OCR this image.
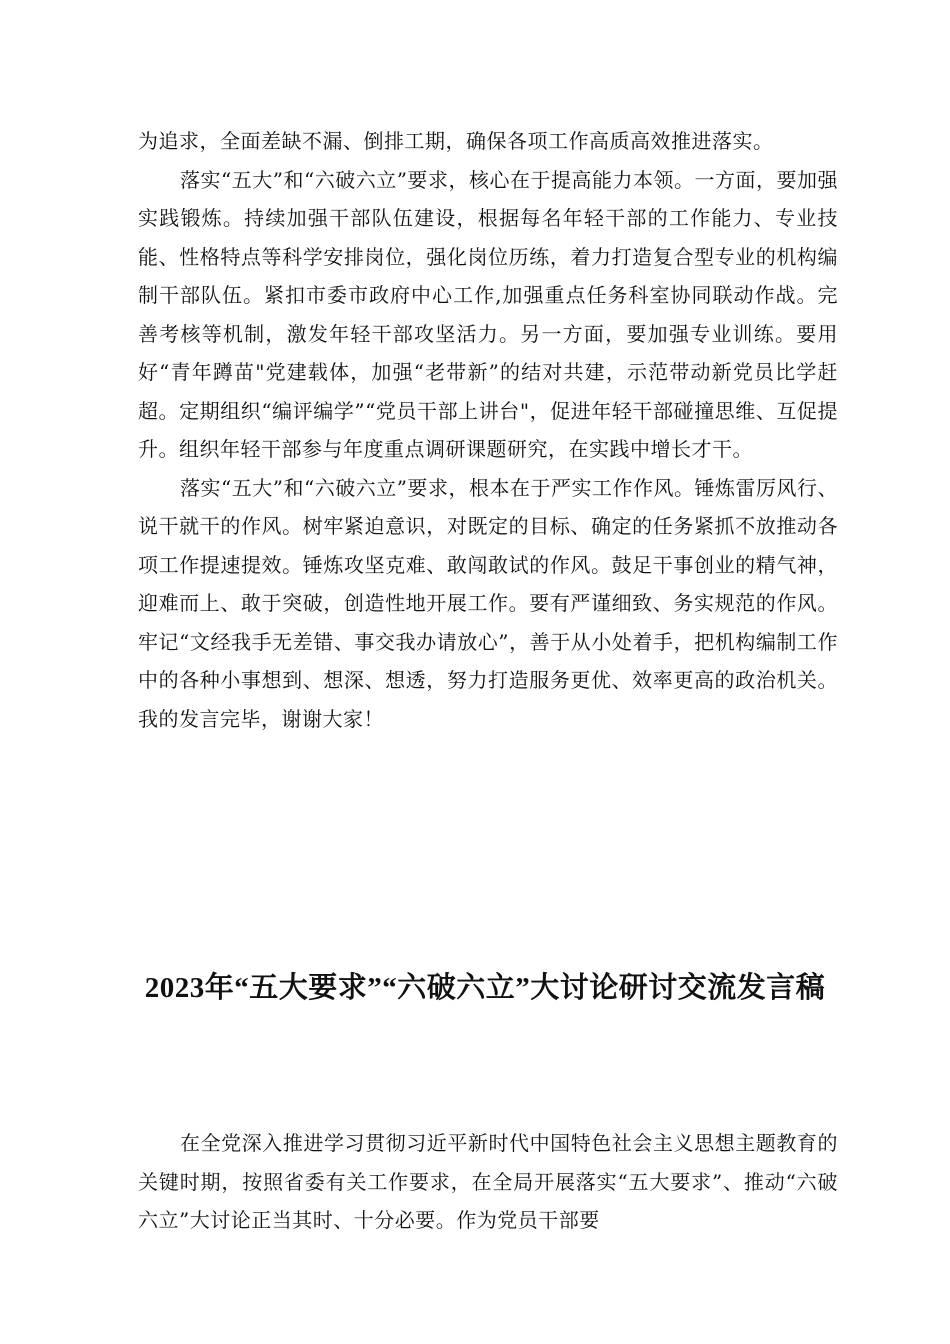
为追求，全面差缺不漏、倒排工期，确保各项工作高质高效推进落实。

落实“五大”和“六破六立”要求，核心在于提高能力本领。一方面，要加强实践锻炼。持续加强干部队伍建设，根据每名年轻干部的工作能力、专业技能、性格特点等科学安排岗位，强化岗位历练，着力打造复合型专业的机构编制干部队伍。紧扣市委市政府中心工作,加强重点任务科室协同联动作战。完善考核等机制，激发年轻干部攻坚活力。另一方面，要加强专业训练。要用好“青年蹲苗"党建载体，加强“老带新”的结对共建，示范带动新党员比学赶超。定期组织“编评编学”“党员干部上讲台"，促进年轻干部碰撞思维、互促提升。组织年轻干部参与年度重点调研课题研究，在实践中增长才干。

落实“五大”和“六破六立”要求，根本在于严实工作作风。锤炼雷厉风行、说干就干的作风。树牢紧迫意识，对既定的目标、确定的任务紧抓不放推动各项工作提速提效。锤炼攻坚克难、敢闯敢试的作风。鼓足干事创业的精气神，迎难而上、敢于突破，创造性地开展工作。要有严谨细致、务实规范的作风。牢记“文经我手无差错、事交我办请放心”，善于从小处着手，把机构编制工作中的各种小事想到、想深、想透，努力打造服务更优、效率更高的政治机关。我的发言完毕，谢谢大家！

2023年“五大要求”“六破六立”大讨论研讨交流发言稿

在全党深入推进学习贯彻习近平新时代中国特色社会主义思想主题教育的关键时期，按照省委有关工作要求，在全局开展落实“五大要求”、推动“六破六立”大讨论正当其时、十分必要。作为党员干部要
